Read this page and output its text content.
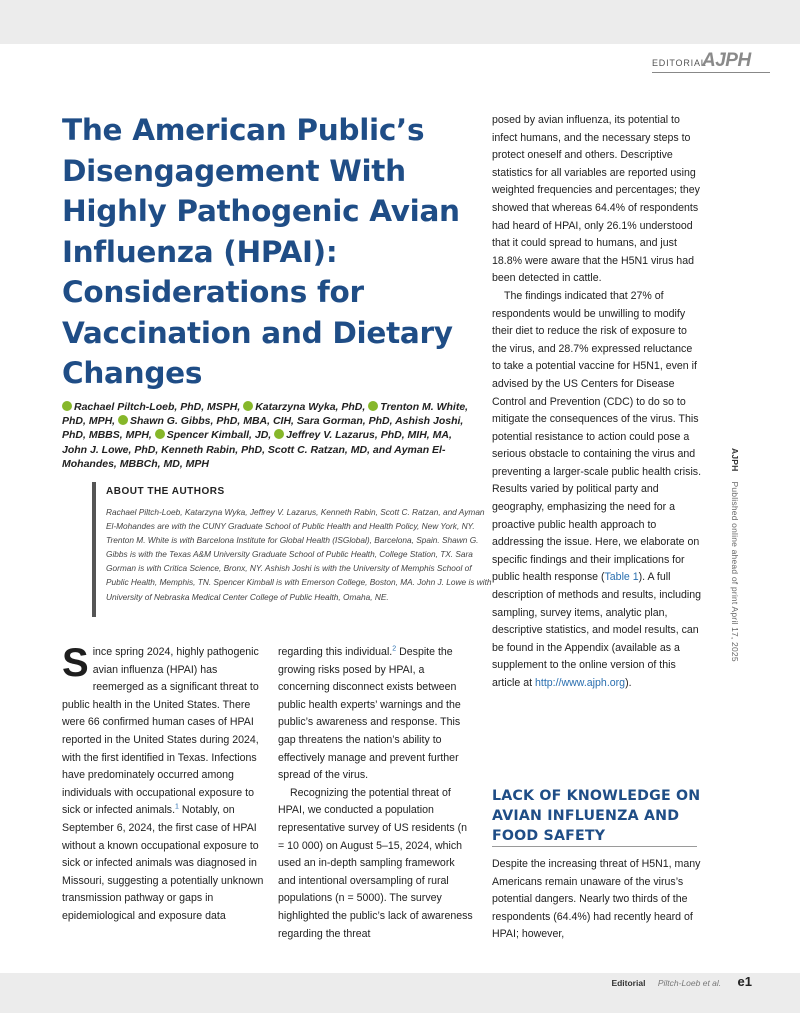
EDITORIAL
AJPH
The American Public’s Disengagement With Highly Pathogenic Avian Influenza (HPAI): Considerations for Vaccination and Dietary Changes
Rachael Piltch-Loeb, PhD, MSPH, Katarzyna Wyka, PhD, Trenton M. White, PhD, MPH, Shawn G. Gibbs, PhD, MBA, CIH, Sara Gorman, PhD, Ashish Joshi, PhD, MBBS, MPH, Spencer Kimball, JD, Jeffrey V. Lazarus, PhD, MIH, MA, John J. Lowe, PhD, Kenneth Rabin, PhD, Scott C. Ratzan, MD, and Ayman El-Mohandes, MBBCh, MD, MPH
ABOUT THE AUTHORS

Rachael Piltch-Loeb, Katarzyna Wyka, Jeffrey V. Lazarus, Kenneth Rabin, Scott C. Ratzan, and Ayman El-Mohandes are with the CUNY Graduate School of Public Health and Health Policy, New York, NY. Trenton M. White is with Barcelona Institute for Global Health (ISGlobal), Barcelona, Spain. Shawn G. Gibbs is with the Texas A&M University Graduate School of Public Health, College Station, TX. Sara Gorman is with Critica Science, Bronx, NY. Ashish Joshi is with the University of Memphis School of Public Health, Memphis, TN. Spencer Kimball is with Emerson College, Boston, MA. John J. Lowe is with University of Nebraska Medical Center College of Public Health, Omaha, NE.

Since spring 2024, highly pathogenic avian influenza (HPAI) has reemerged as a significant threat to public health in the United States. There were 66 confirmed human cases of HPAI reported in the United States during 2024, with the first identified in Texas. Infections have predominately occurred among individuals with occupational exposure to sick or infected animals.$^1$ Notably, on September 6, 2024, the first case of HPAI without a known occupational exposure to sick or infected animals was diagnosed in Missouri, suggesting a potentially unknown transmission pathway or gaps in epidemiological and exposure data

regarding this individual.$^2$ Despite the growing risks posed by HPAI, a concerning disconnect exists between public health experts’ warnings and the public’s awareness and response. This gap threatens the nation’s ability to effectively manage and prevent further spread of the virus.

Recognizing the potential threat of HPAI, we conducted a population representative survey of US residents (n = 10 000) on August 5–15, 2024, which used an in-depth sampling framework and intentional oversampling of rural populations (n = 5000). The survey highlighted the public’s lack of awareness regarding the threat

posed by avian influenza, its potential to infect humans, and the necessary steps to protect oneself and others. Descriptive statistics for all variables are reported using weighted frequencies and percentages; they showed that whereas 64.4% of respondents had heard of HPAI, only 26.1% understood that it could spread to humans, and just 18.8% were aware that the H5N1 virus had been detected in cattle.

The findings indicated that 27% of respondents would be unwilling to modify their diet to reduce the risk of exposure to the virus, and 28.7% expressed reluctance to take a potential vaccine for H5N1, even if advised by the US Centers for Disease Control and Prevention (CDC) to do so to mitigate the consequences of the virus. This potential resistance to action could pose a serious obstacle to containing the virus and preventing a larger-scale public health crisis. Results varied by political party and geography, emphasizing the need for a proactive public health approach to addressing the issue. Here, we elaborate on specific findings and their implications for public health response (Table 1). A full description of methods and results, including sampling, survey items, analytic plan, descriptive statistics, and model results, can be found in the Appendix (available as a supplement to the online version of this article at http://www.ajph.org).

LACK OF KNOWLEDGE ON AVIAN INFLUENZA AND FOOD SAFETY

Despite the increasing threat of H5N1, many Americans remain unaware of the virus’s potential dangers. Nearly two thirds of the respondents (64.4%) had recently heard of HPAI; however,

AJPHPublished online ahead of print April 17, 2025
Editorial Piltch-Loeb et al. e1
